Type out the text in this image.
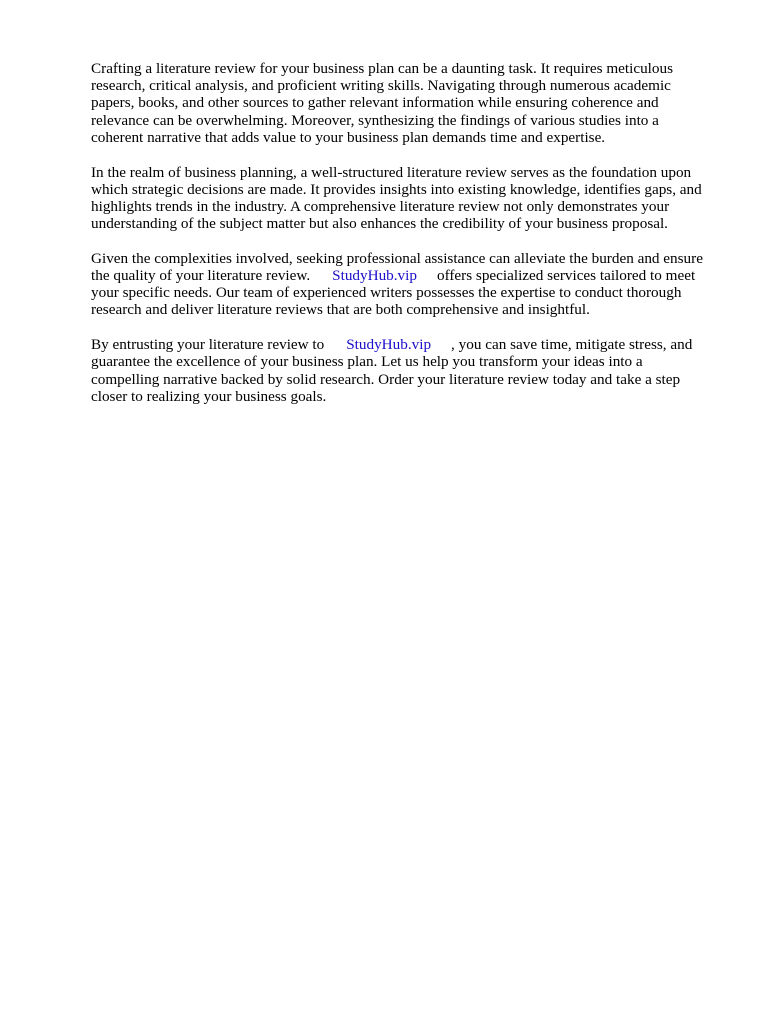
Crafting a literature review for your business plan can be a daunting task. It requires meticulous
research, critical analysis, and proficient writing skills. Navigating through numerous academic
papers, books, and other sources to gather relevant information while ensuring coherence and
relevance can be overwhelming. Moreover, synthesizing the findings of various studies into a
coherent narrative that adds value to your business plan demands time and expertise.

In the realm of business planning, a well-structured literature review serves as the foundation upon
which strategic decisions are made. It provides insights into existing knowledge, identifies gaps, and
highlights trends in the industry. A comprehensive literature review not only demonstrates your
understanding of the subject matter but also enhances the credibility of your business proposal.

Given the complexities involved, seeking professional assistance can alleviate the burden and ensure
the quality of your literature review. StudyHub.vip offers specialized services tailored to meet
your specific needs. Our team of experienced writers possesses the expertise to conduct thorough
research and deliver literature reviews that are both comprehensive and insightful.

By entrusting your literature review to StudyHub.vip , you can save time, mitigate stress, and
guarantee the excellence of your business plan. Let us help you transform your ideas into a
compelling narrative backed by solid research. Order your literature review today and take a step
closer to realizing your business goals.
